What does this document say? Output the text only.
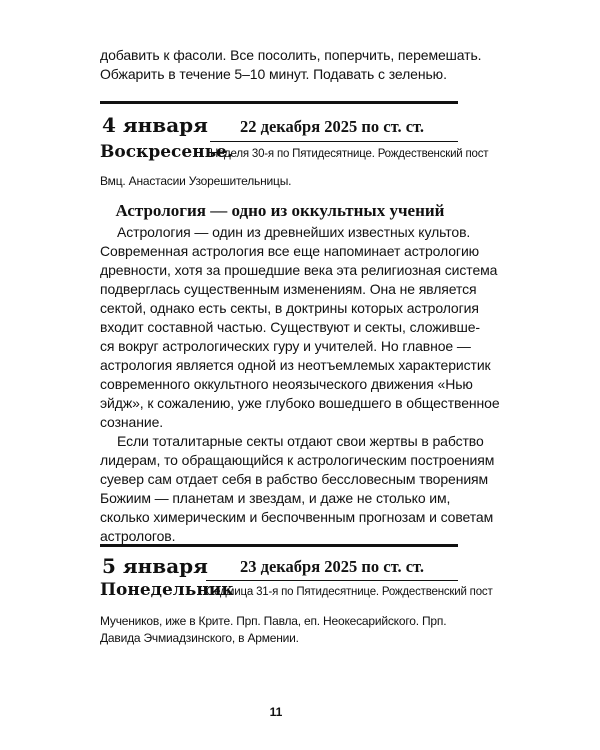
добавить к фасоли. Все посолить, поперчить, перемешать.

Обжарить в течение 5–10 минут. Подавать с зеленью.

4 января 22 декабря 2025 по ст. ст.
Воскресенье.
Неделя 30-я по Пятидесятнице. Рождественский пост
Вмц. Анастасии Узорешительницы.
Астрология — одно из оккультных учений

Астрология — один из древнейших известных культов.

Современная астрология все еще напоминает астрологию

древности, хотя за прошедшие века эта религиозная система

подверглась существенным изменениям. Она не является

сектой, однако есть секты, в доктрины которых астрология

входит составной частью. Существуют и секты, сложивше-

ся вокруг астрологических гуру и учителей. Но главное —

астрология является одной из неотъемлемых характеристик

современного оккультного неоязыческого движения «Нью

эйдж», к сожалению, уже глубоко вошедшего в общественное

сознание.

Если тоталитарные секты отдают свои жертвы в рабство

лидерам, то обращающийся к астрологическим построениям

суевер сам отдает себя в рабство бессловесным творениям

Божиим — планетам и звездам, и даже не столько им,

сколько химерическим и беспочвенным прогнозам и советам

астрологов.

5 января 23 декабря 2025 по ст. ст.
Понедельник
Седмица 31-я по Пятидесятнице. Рождественский пост
Мучеников, иже в Крите. Прп. Павла, еп. Неокесарийского. Прп. Давида Эчмиадзинского, в Армении.
11
